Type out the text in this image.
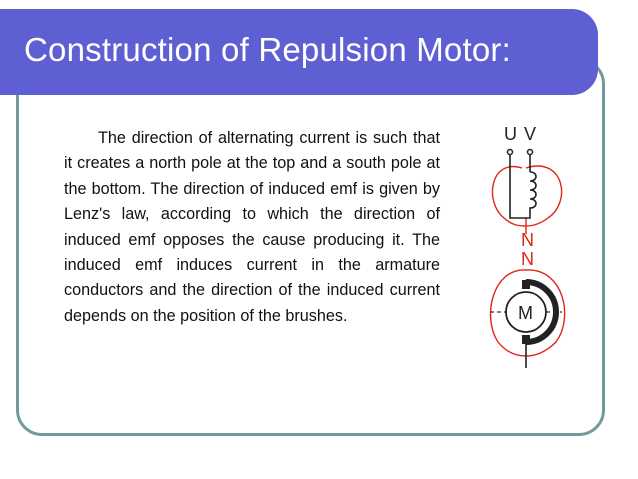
Construction of Repulsion Motor:

The direction of alternating current is such that it creates a north pole at the top and a south pole at the bottom. The direction of induced emf is given by Lenz's law, according to which the direction of induced emf opposes the cause producing it. The induced emf induces current in the armature conductors and the direction of the induced current depends on the position of the brushes.

U V
N
N
M
